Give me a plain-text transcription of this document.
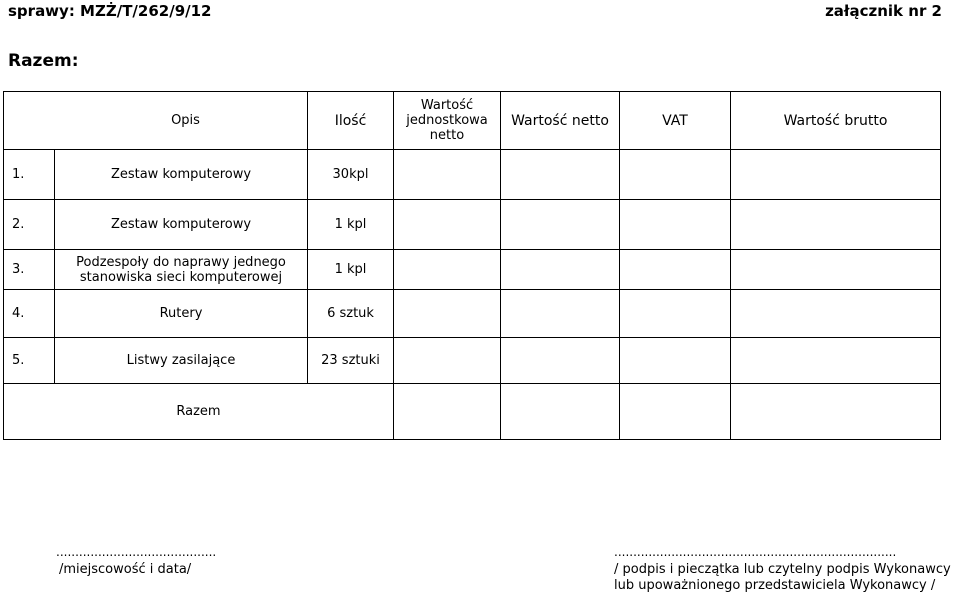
sprawy: MZŻ/T/262/9/12	załącznik nr 2
Razem:
Opis		Ilość	Wartość
jednostkowa
netto	Wartość netto	VAT	Wartość brutto
1.	Zestaw komputerowy	30kpl				
2.	Zestaw komputerowy	1 kpl				
3.	Podzespoły do naprawy jednego
stanowiska sieci komputerowej	1 kpl				
4.	Rutery	6 sztuk				
5.	Listwy zasilające	23 sztuki				
Razem						
..........................................
/miejscowość i data/
..........................................................................
/ podpis i pieczątka lub czytelny podpis Wykonawcy
lub upoważnionego przedstawiciela Wykonawcy /
